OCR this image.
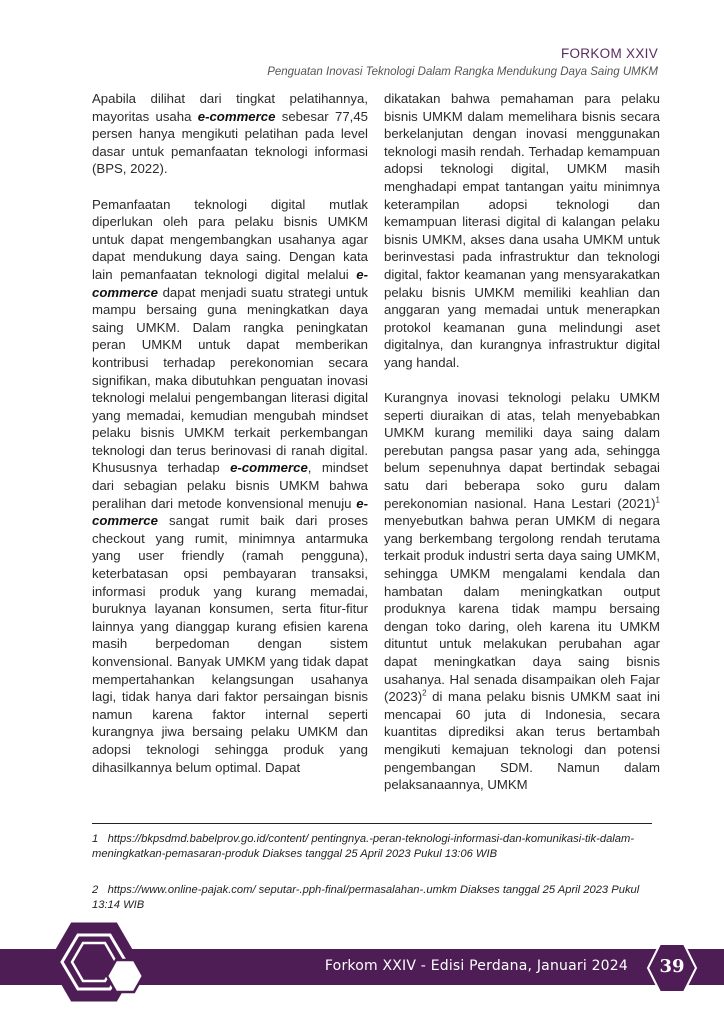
FORKOM XXIV
Penguatan Inovasi Teknologi Dalam Rangka Mendukung Daya Saing UMKM

Apabila dilihat dari tingkat pelatihannya, mayoritas usaha e-commerce sebesar 77,45 persen hanya mengikuti pelatihan pada level dasar untuk pemanfaatan teknologi informasi (BPS, 2022).

Pemanfaatan teknologi digital mutlak diperlukan oleh para pelaku bisnis UMKM untuk dapat mengembangkan usahanya agar dapat mendukung daya saing. Dengan kata lain pemanfaatan teknologi digital melalui e-commerce dapat menjadi suatu strategi untuk mampu bersaing guna meningkatkan daya saing UMKM. Dalam rangka peningkatan peran UMKM untuk dapat memberikan kontribusi terhadap perekonomian secara signifikan, maka dibutuhkan penguatan inovasi teknologi melalui pengembangan literasi digital yang memadai, kemudian mengubah mindset pelaku bisnis UMKM terkait perkembangan teknologi dan terus berinovasi di ranah digital. Khususnya terhadap e-commerce, mindset dari sebagian pelaku bisnis UMKM bahwa peralihan dari metode konvensional menuju e-commerce sangat rumit baik dari proses checkout yang rumit, minimnya antarmuka yang user friendly (ramah pengguna), keterbatasan opsi pembayaran transaksi, informasi produk yang kurang memadai, buruknya layanan konsumen, serta fitur-fitur lainnya yang dianggap kurang efisien karena masih berpedoman dengan sistem konvensional. Banyak UMKM yang tidak dapat mempertahankan kelangsungan usahanya lagi, tidak hanya dari faktor persaingan bisnis namun karena faktor internal seperti kurangnya jiwa bersaing pelaku UMKM dan adopsi teknologi sehingga produk yang dihasilkannya belum optimal. Dapat

dikatakan bahwa pemahaman para pelaku bisnis UMKM dalam memelihara bisnis secara berkelanjutan dengan inovasi menggunakan teknologi masih rendah. Terhadap kemampuan adopsi teknologi digital, UMKM masih menghadapi empat tantangan yaitu minimnya keterampilan adopsi teknologi dan kemampuan literasi digital di kalangan pelaku bisnis UMKM, akses dana usaha UMKM untuk berinvestasi pada infrastruktur dan teknologi digital, faktor keamanan yang mensyarakatkan pelaku bisnis UMKM memiliki keahlian dan anggaran yang memadai untuk menerapkan protokol keamanan guna melindungi aset digitalnya, dan kurangnya infrastruktur digital yang handal.

Kurangnya inovasi teknologi pelaku UMKM seperti diuraikan di atas, telah menyebabkan UMKM kurang memiliki daya saing dalam perebutan pangsa pasar yang ada, sehingga belum sepenuhnya dapat bertindak sebagai satu dari beberapa soko guru dalam perekonomian nasional. Hana Lestari $(2021)^1$ menyebutkan bahwa peran UMKM di negara yang berkembang tergolong rendah terutama terkait produk industri serta daya saing UMKM, sehingga UMKM mengalami kendala dan hambatan dalam meningkatkan output produknya karena tidak mampu bersaing dengan toko daring, oleh karena itu UMKM dituntut untuk melakukan perubahan agar dapat meningkatkan daya saing bisnis usahanya. Hal senada disampaikan oleh Fajar $(2023)^2$ di mana pelaku bisnis UMKM saat ini mencapai 60 juta di Indonesia, secara kuantitas diprediksi akan terus bertambah mengikuti kemajuan teknologi dan potensi pengembangan SDM. Namun dalam pelaksanaannya, UMKM

1 https://bkpsdmd.babelprov.go.id/content/ pentingnya.-peran-teknologi-informasi-dan-komunikasi-tik-dalam-meningkatkan-pemasaran-produk Diakses tanggal 25 April 2023 Pukul 13:06 WIB
2 https://www.online-pajak.com/ seputar-.pph-final/permasalahan-.umkm Diakses tanggal 25 April 2023 Pukul 13:14 WIB
Forkom XXIV - Edisi Perdana, Januari 2024	39
